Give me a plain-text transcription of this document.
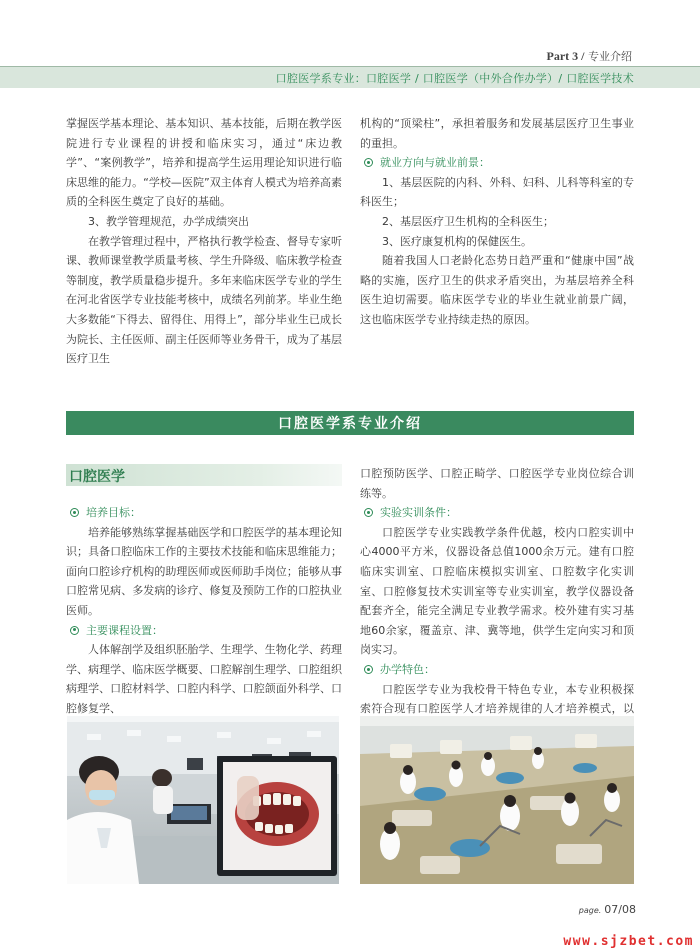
Part 3 / 专业介绍
口腔医学系专业：口腔医学 / 口腔医学（中外合作办学）/ 口腔医学技术

掌握医学基本理论、基本知识、基本技能，后期在教学医院进行专业课程的讲授和临床实习，通过“床边教学”、“案例教学”，培养和提高学生运用理论知识进行临床思维的能力。“学校—医院”双主体育人模式为培养高素质的全科医生奠定了良好的基础。

3、教学管理规范，办学成绩突出

在教学管理过程中，严格执行教学检查、督导专家听课、教师课堂教学质量考核、学生升降级、临床教学检查等制度，教学质量稳步提升。多年来临床医学专业的学生在河北省医学专业技能考核中，成绩名列前茅。毕业生绝大多数能“下得去、留得住、用得上”，部分毕业生已成长为院长、主任医师、副主任医师等业务骨干，成为了基层医疗卫生

机构的“顶梁柱”，承担着服务和发展基层医疗卫生事业的重担。

就业方向与就业前景：

1、基层医院的内科、外科、妇科、儿科等科室的专科医生；

2、基层医疗卫生机构的全科医生；

3、医疗康复机构的保健医生。

随着我国人口老龄化态势日趋严重和“健康中国”战略的实施，医疗卫生的供求矛盾突出，为基层培养全科医生迫切需要。临床医学专业的毕业生就业前景广阔，这也临床医学专业持续走热的原因。

口腔医学系专业介绍
口腔医学
培养目标：

培养能够熟练掌握基础医学和口腔医学的基本理论知识；具备口腔临床工作的主要技术技能和临床思维能力；面向口腔诊疗机构的助理医师或医师助手岗位；能够从事口腔常见病、多发病的诊疗、修复及预防工作的口腔执业医师。

主要课程设置：

人体解剖学及组织胚胎学、生理学、生物化学、药理学、病理学、临床医学概要、口腔解剖生理学、口腔组织病理学、口腔材料学、口腔内科学、口腔颌面外科学、口腔修复学、

口腔预防医学、口腔正畸学、口腔医学专业岗位综合训练等。

实验实训条件：

口腔医学专业实践教学条件优越，校内口腔实训中心4000平方米，仪器设备总值1000余万元。建有口腔临床实训室、口腔临床模拟实训室、口腔数字化实训室、口腔修复技术实训室等专业实训室，教学仪器设备配套齐全，能完全满足专业教学需求。校外建有实习基地60余家，覆盖京、津、冀等地，供学生定向实习和顶岗实习。

办学特色：

口腔医学专业为我校骨干特色专业，本专业积极探索符合现有口腔医学人才培养规律的人才培养模式，以

page. 07/08
www.sjzbet.com
